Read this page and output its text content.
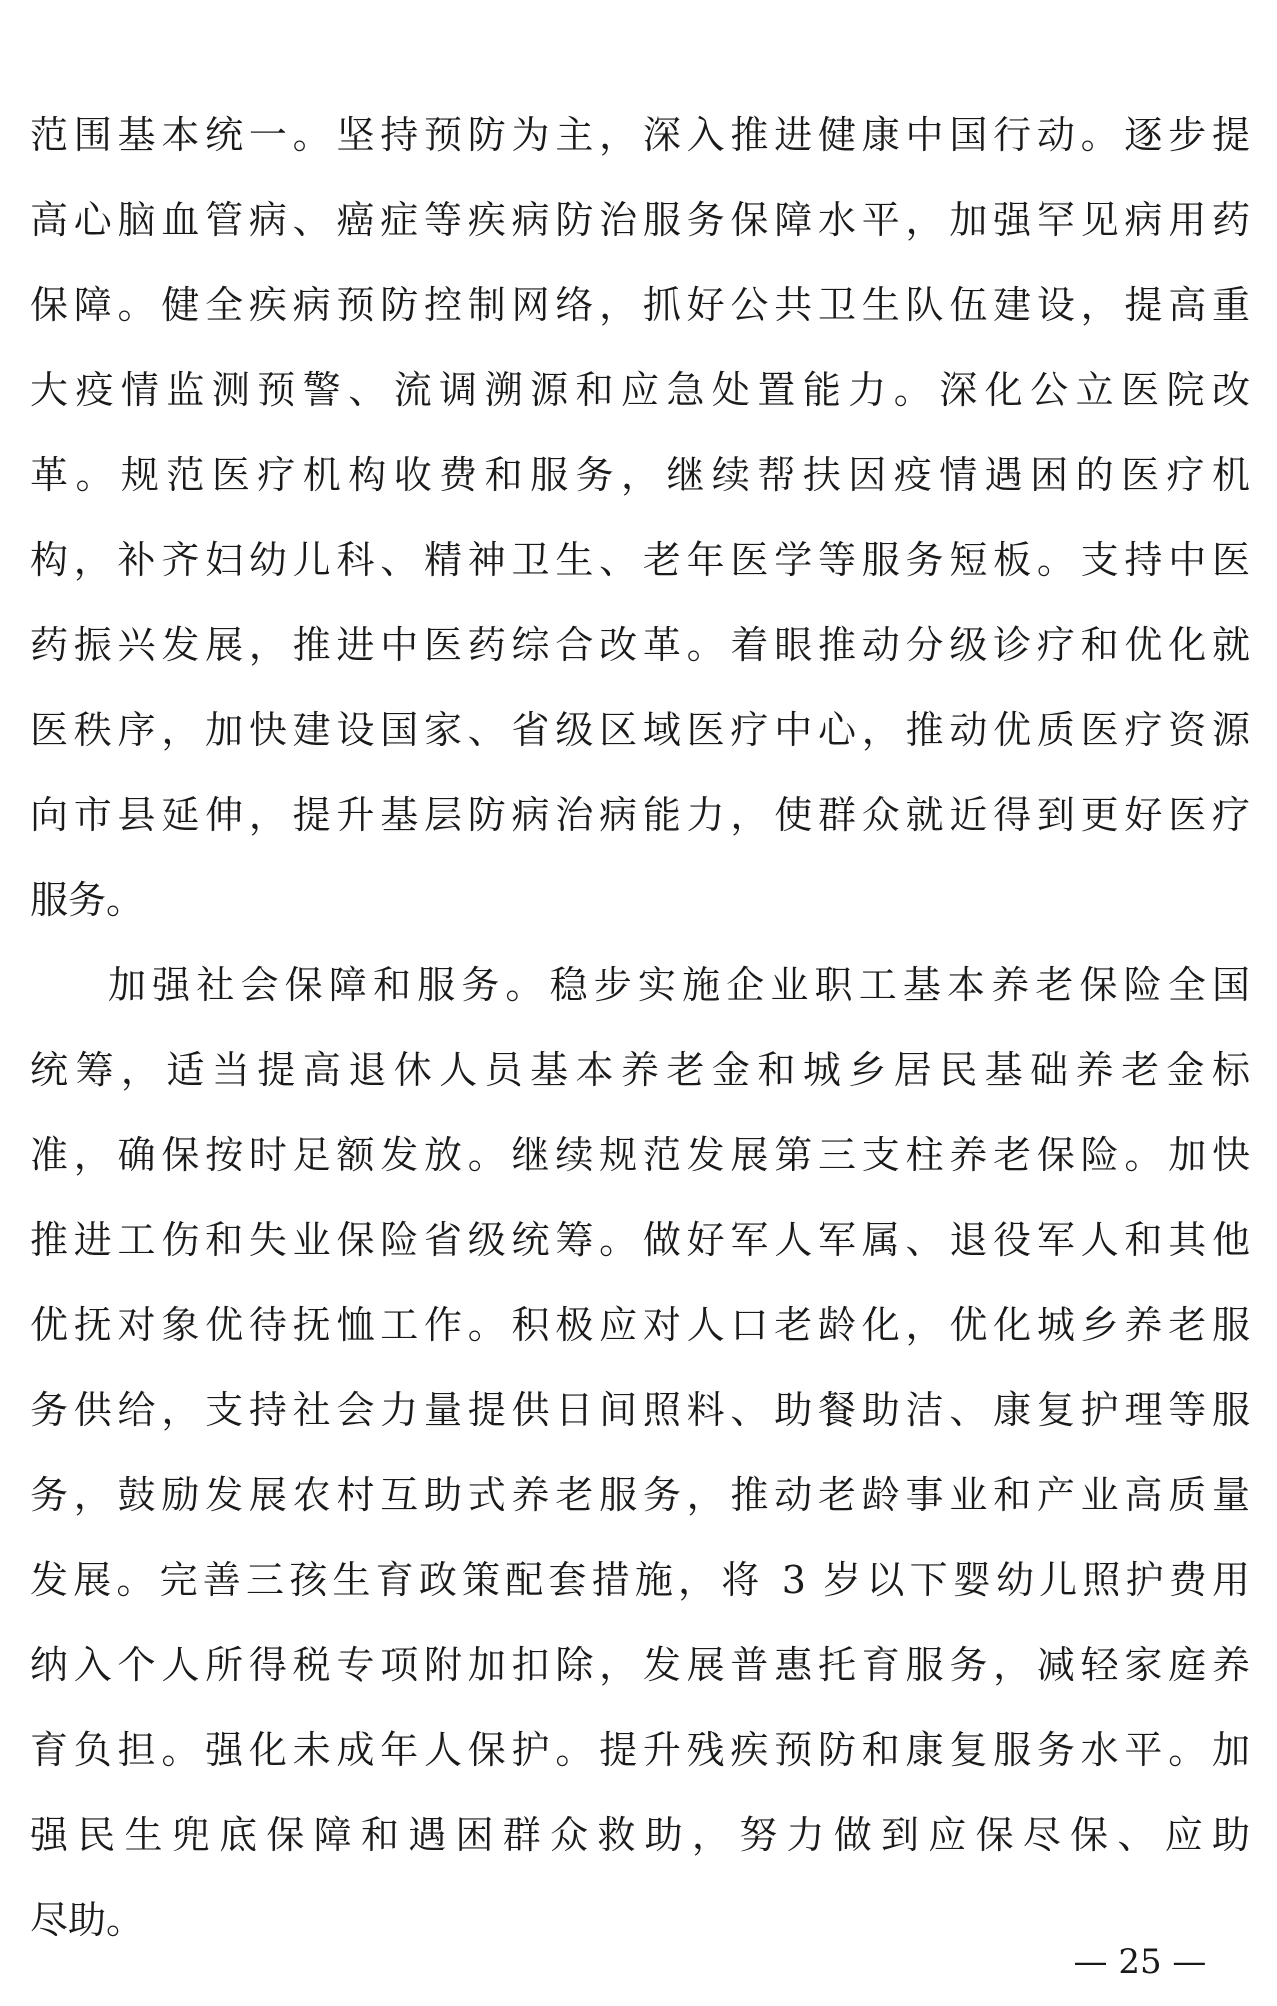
范围基本统一。坚持预防为主，深入推进健康中国行动。逐步提
高心脑血管病、癌症等疾病防治服务保障水平，加强罕见病用药
保障。健全疾病预防控制网络，抓好公共卫生队伍建设，提高重
大疫情监测预警、流调溯源和应急处置能力。深化公立医院改
革。规范医疗机构收费和服务，继续帮扶因疫情遇困的医疗机
构，补齐妇幼儿科、精神卫生、老年医学等服务短板。支持中医
药振兴发展，推进中医药综合改革。着眼推动分级诊疗和优化就
医秩序，加快建设国家、省级区域医疗中心，推动优质医疗资源
向市县延伸，提升基层防病治病能力，使群众就近得到更好医疗
服务。
加强社会保障和服务。稳步实施企业职工基本养老保险全国
统筹，适当提高退休人员基本养老金和城乡居民基础养老金标
准，确保按时足额发放。继续规范发展第三支柱养老保险。加快
推进工伤和失业保险省级统筹。做好军人军属、退役军人和其他
优抚对象优待抚恤工作。积极应对人口老龄化，优化城乡养老服
务供给，支持社会力量提供日间照料、助餐助洁、康复护理等服
务，鼓励发展农村互助式养老服务，推动老龄事业和产业高质量
发展。完善三孩生育政策配套措施，将 3 岁以下婴幼儿照护费用
纳入个人所得税专项附加扣除，发展普惠托育服务，减轻家庭养
育负担。强化未成年人保护。提升残疾预防和康复服务水平。加
强民生兜底保障和遇困群众救助，努力做到应保尽保、应助
尽助。
— 25 —
